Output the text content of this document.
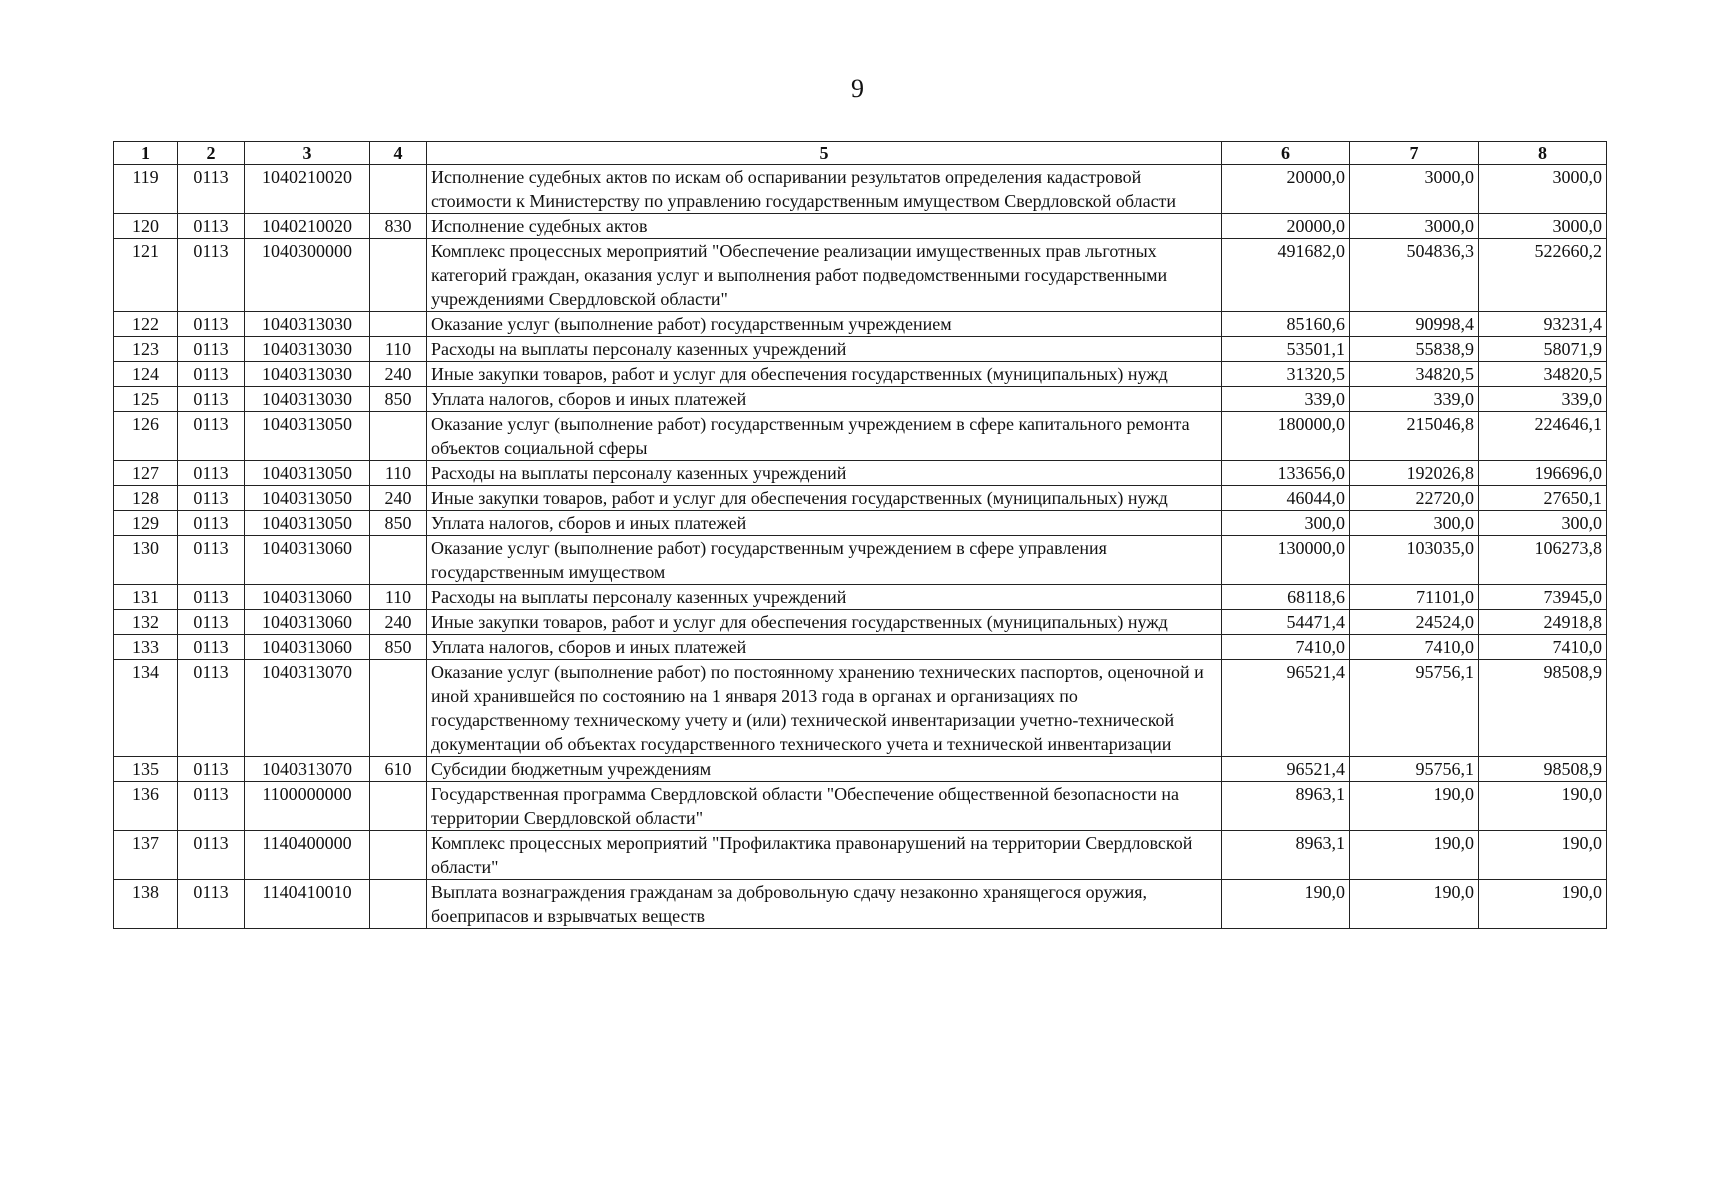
9
1	2	3	4	5	6	7	8
119	0113	1040210020		Исполнение судебных актов по искам об оспаривании результатов определения кадастровой стоимости к Министерству по управлению государственным имуществом Свердловской области	20000,0	3000,0	3000,0
120	0113	1040210020	830	Исполнение судебных актов	20000,0	3000,0	3000,0
121	0113	1040300000		Комплекс процессных мероприятий "Обеспечение реализации имущественных прав льготных категорий граждан, оказания услуг и выполнения работ подведомственными государственными учреждениями Свердловской области"	491682,0	504836,3	522660,2
122	0113	1040313030		Оказание услуг (выполнение работ) государственным учреждением	85160,6	90998,4	93231,4
123	0113	1040313030	110	Расходы на выплаты персоналу казенных учреждений	53501,1	55838,9	58071,9
124	0113	1040313030	240	Иные закупки товаров, работ и услуг для обеспечения государственных (муниципальных) нужд	31320,5	34820,5	34820,5
125	0113	1040313030	850	Уплата налогов, сборов и иных платежей	339,0	339,0	339,0
126	0113	1040313050		Оказание услуг (выполнение работ) государственным учреждением в сфере капитального ремонта объектов социальной сферы	180000,0	215046,8	224646,1
127	0113	1040313050	110	Расходы на выплаты персоналу казенных учреждений	133656,0	192026,8	196696,0
128	0113	1040313050	240	Иные закупки товаров, работ и услуг для обеспечения государственных (муниципальных) нужд	46044,0	22720,0	27650,1
129	0113	1040313050	850	Уплата налогов, сборов и иных платежей	300,0	300,0	300,0
130	0113	1040313060		Оказание услуг (выполнение работ) государственным учреждением в сфере управления государственным имуществом	130000,0	103035,0	106273,8
131	0113	1040313060	110	Расходы на выплаты персоналу казенных учреждений	68118,6	71101,0	73945,0
132	0113	1040313060	240	Иные закупки товаров, работ и услуг для обеспечения государственных (муниципальных) нужд	54471,4	24524,0	24918,8
133	0113	1040313060	850	Уплата налогов, сборов и иных платежей	7410,0	7410,0	7410,0
134	0113	1040313070		Оказание услуг (выполнение работ) по постоянному хранению технических паспортов, оценочной и иной хранившейся по состоянию на 1 января 2013 года в органах и организациях по государственному техническому учету и (или) технической инвентаризации учетно-технической документации об объектах государственного технического учета и технической инвентаризации	96521,4	95756,1	98508,9
135	0113	1040313070	610	Субсидии бюджетным учреждениям	96521,4	95756,1	98508,9
136	0113	1100000000		Государственная программа Свердловской области "Обеспечение общественной безопасности на территории Свердловской области"	8963,1	190,0	190,0
137	0113	1140400000		Комплекс процессных мероприятий "Профилактика правонарушений на территории Свердловской области"	8963,1	190,0	190,0
138	0113	1140410010		Выплата вознаграждения гражданам за добровольную сдачу незаконно хранящегося оружия, боеприпасов и взрывчатых веществ	190,0	190,0	190,0
